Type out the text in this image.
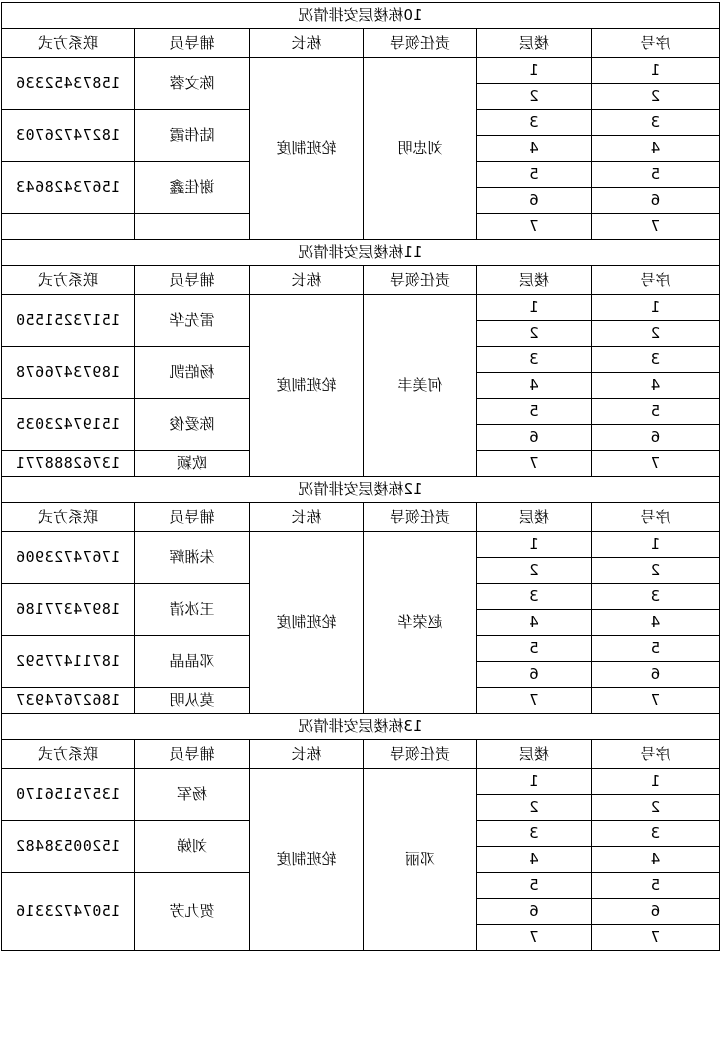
10栋楼层安排情况					
序号	楼层	责任领导	栋长	辅导员	联系方式
1	1	刘忠明	轮班制度	陈文蓉	15873452336
2	2				
3	3			陆伟霞	18274726703
4	4				
5	5			谢佳鑫	15673428643
6	6				
7	7				
11栋楼层安排情况					
序号	楼层	责任领导	栋长	辅导员	联系方式
1	1	何美丰	轮班制度	雷先华	15173251550
2	2				
3	3			杨皓凯	18973476678
4	4				
5	5			陈爱俊	15197423035
6	6				
7	7			欧颖	13762888771
12栋楼层安排情况					
序号	楼层	责任领导	栋长	辅导员	联系方式
1	1	赵荣华	轮班制度	朱湘辉	17674723906
2	2				
3	3			王冰清	18974377186
4	4				
5	5			邓晶晶	18711477592
6	6				
7	7			莫从明	18627674937
13栋楼层安排情况					
序号	楼层	责任领导	栋长	辅导员	联系方式
1	1	邓丽	轮班制度	杨军	13575156170
2	2				
3	3			刘娣	15200538482
4	4				
5	5			贺九芳	15074723316
6	6				
7	7				
